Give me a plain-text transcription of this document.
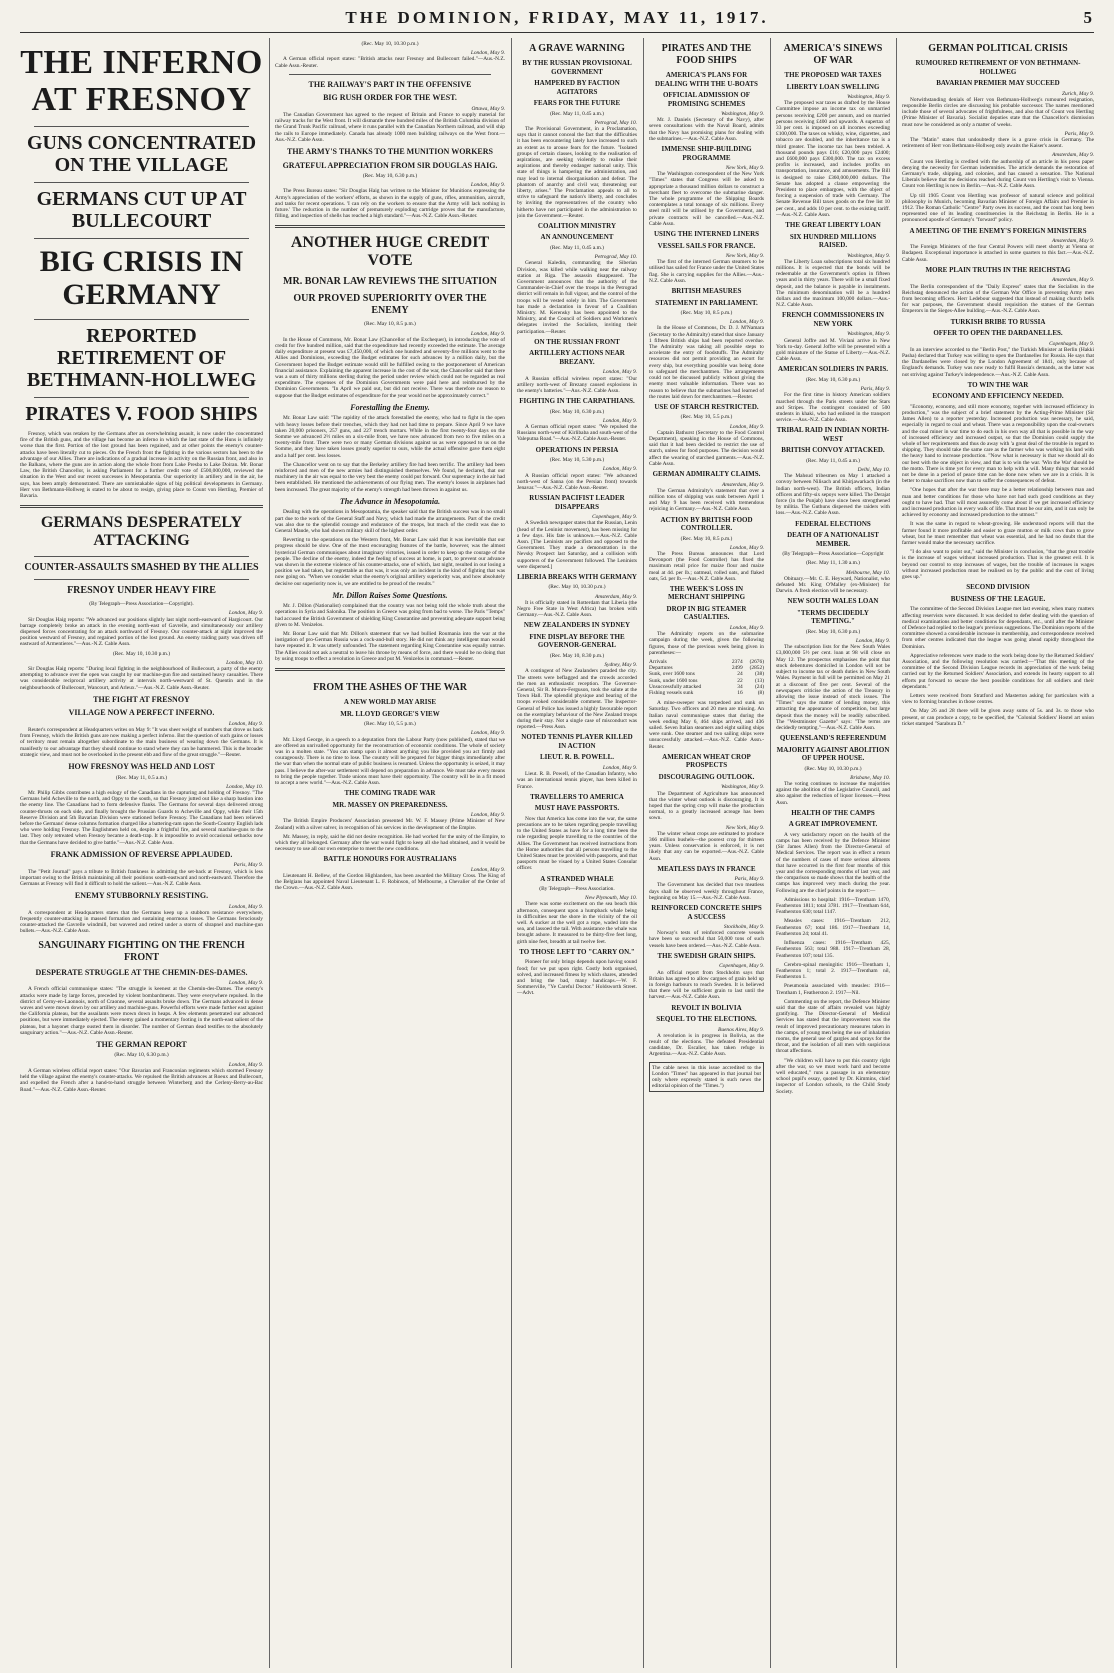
THE DOMINION, FRIDAY, MAY 11, 1917.	5
THE INFERNO AT FRESNOY
GUNS CONCENTRATED ON THE VILLAGE
GERMANS CUT UP AT BULLECOURT
BIG CRISIS IN GERMANY
REPORTED RETIREMENT OF BETHMANN-HOLLWEG
PIRATES V. FOOD SHIPS

Fresnoy, which was retaken by the Germans after an overwhelming assault, is now under the concentrated fire of the British guns, and the village has become an inferno in which the last state of the Huns is infinitely worse than the first. Portion of the lost ground has been regained, and at other points the enemy's counter-attacks have been literally cut to pieces. On the French front the fighting in the various sectors has been to the advantage of our Allies. There are indications of a gradual increase in activity on the Russian front, and also in the Balkans, where the guns are in action along the whole front from Lake Presba to Lake Doiran. Mr. Bonar Law, the British Chancellor, is asking Parliament for a further credit vote of £500,000,000, reviewed the situation in the West and our recent successes in Mesopotamia. Our superiority in artillery and in the air, he says, has been amply demonstrated. There are unmistakable signs of big political developments in Germany. Herr von Bethmann-Hollweg is stated to be about to resign, giving place to Count von Hertling, Premier of Bavaria.

GERMANS DESPERATELY ATTACKING
COUNTER-ASSAULTS SMASHED BY THE ALLIES
FRESNOY UNDER HEAVY FIRE
(By Telegraph—Press Association—Copyright).
London, May 9.

Sir Douglas Haig reports: "We advanced our positions slightly last night north-eastward of Hargicourt. Our barrage completely broke an attack in the evening north-east of Gavrelle, and simultaneously our artillery dispersed forces concentrating for an attack northward of Fresnoy. Our counter-attack at night improved the position westward of Fresnoy, and regained portion of the lost ground. An enemy raiding party was driven off eastward of Armentieres."—Aus.-N.Z. Cable Assn.

(Rec. May 10, 10.30 p.m.)
London, May 10.

Sir Douglas Haig reports: "During local fighting in the neighbourhood of Bullecourt, a party of the enemy attempting to advance over the open was caught by our machine-gun fire and sustained heavy casualties. There was considerable reciprocal artillery activity at intervals north-westward of St. Quentin and in the neighbourhoods of Bullecourt, Wancourt, and Arleux."—Aus.-N.Z. Cable Assn.-Reuter.

THE FIGHT AT FRESNOY
VILLAGE NOW A PERFECT INFERNO.
London, May 9.

Reuter's correspondent at Headquarters writes on May 9: "It was sheer weight of numbers that drove us back from Fresnoy, which the British guns are now making a perfect inferno. But the question of such gains or losses of territory must remain altogether subordinate to the main business of wearing down the Germans. It is manifestly to our advantage that they should continue to stand where they can be hammered. This is the broader strategic view, and must not be overlooked in the present ebb and flow of the great struggle."—Reuter.

HOW FRESNOY WAS HELD AND LOST
(Rec. May 11, 0.5 a.m.)
London, May 10.

Mr. Philip Gibbs contributes a high eulogy of the Canadians in the capturing and holding of Fresnoy. "The Germans held Acheville to the north, and Oppy to the south, so that Fresnoy jutted out like a sharp bastion into the enemy line. The Canadians had to form defensive flanks. The Germans for several days delivered strong counter-thrusts on each side, and finally brought the Prussian Guards to Acheville and Oppy, while their 15th Reserve Division and 5th Bavarian Division were stationed before Fresnoy. The Canadians had been relieved before the Germans' dense columns formation charged like a battering-ram upon the South-Country English lads who were holding Fresnoy. The Englishmen held on, despite a frightful fire, and several machine-guns to the last. They only retreated when Fresnoy became a death-trap. It is impossible to avoid occasional setbacks now that the Germans have decided to give battle."—Aus.-N.Z. Cable Assn.

FRANK ADMISSION OF REVERSE APPLAUDED.
Paris, May 9.

The "Petit Journal" pays a tribute to British frankness in admitting the set-back at Fresnoy, which is less important owing to the British maintaining all their positions south-eastward and north-eastward. Therefore the Germans at Fresnoy will find it difficult to hold the salient.—Aus.-N.Z. Cable Assn.

ENEMY STUBBORNLY RESISTING.
London, May 9.

A correspondent at Headquarters states that the Germans keep up a stubborn resistance everywhere, frequently counter-attacking in massed formation and sustaining enormous losses. The Germans ferociously counter-attacked the Gavrelle windmill, but wavered and retired under a storm of shrapnel and machine-gun bullets.—Aus.-N.Z. Cable Assn.

SANGUINARY FIGHTING ON THE FRENCH FRONT
DESPERATE STRUGGLE AT THE CHEMIN-DES-DAMES.
London, May 9.

A French official communique states: "The struggle is keenest at the Chemin-des-Dames. The enemy's attacks were made by large forces, preceded by violent bombardments. They were everywhere repulsed. In the district of Cerny-en-Laonnois, north of Craonne, several assaults broke down. The Germans advanced in dense waves and were mown down by our artillery and machine-guns. Powerful efforts were made further east against the California plateau, but the assailants were mown down in heaps. A few elements penetrated our advanced positions, but were immediately ejected. The enemy gained a momentary footing in the north-east salient of the plateau, but a bayonet charge ousted them in disorder. The number of German dead testifies to the absolutely sanguinary action."—Aus.-N.Z. Cable Assn.-Reuter.

THE GERMAN REPORT
(Rec. May 10, 6.30 p.m.)
London, May 9.

A German wireless official report states: "Our Bavarian and Franconian regiments which stormed Fresnoy held the village against the enemy's counter-attacks. We repulsed the British advances at Roeux and Bullecourt, and expelled the French after a hand-to-hand struggle between Winterberg and the Cerleny-Berry-au-Bac Road."—Aus.-N.Z. Cable Assn.-Reuter.

(Rec. May 10, 10.30 p.m.)
London, May 9.

A German official report states: "British attacks near Fresnoy and Bullecourt failed."—Aus.-N.Z. Cable Assn.-Reuter.

THE RAILWAY'S PART IN THE OFFENSIVE
BIG RUSH ORDER FOR THE WEST.
Ottawa, May 9.

The Canadian Government has agreed to the request of Britain and France to supply material for railway tracks for the West front. It will dismantle three hundred miles of the British Columbia division of the Grand Trunk Pacific railroad, where it runs parallel with the Canadian Northern railroad, and will ship the rails to Europe immediately. Canada has already 1000 men building railways on the West front.—Aus.-N.Z. Cable Assn.

THE ARMY'S THANKS TO THE MUNITION WORKERS
GRATEFUL APPRECIATION FROM SIR DOUGLAS HAIG.
(Rec. May 10, 6.30 p.m.)
London, May 9.

The Press Bureau states: "Sir Douglas Haig has written to the Minister for Munitions expressing the Army's appreciation of the workers' efforts, as shown in the supply of guns, rifles, ammunition, aircraft, and tanks for recent operations. 'I can rely on the workers to ensure that the Army will lack nothing in future.' The reduction in the number of prematurely exploding cartridge proves that the manufacture, filling, and inspection of shells has reached a high standard."—Aus.-N.Z. Cable Assn.-Reuter.

ANOTHER HUGE CREDIT VOTE
MR. BONAR LAW REVIEWS THE SITUATION
OUR PROVED SUPERIORITY OVER THE ENEMY
(Rec. May 10, 8.5 p.m.)
London, May 9.

In the House of Commons, Mr. Bonar Law (Chancellor of the Exchequer), in introducing the vote of credit for five hundred million, said that the expenditure had recently exceeded the estimate. The average daily expenditure at present was £7,450,000, of which one hundred and seventy-five millions went to the Allies and Dominions, exceeding the Budget estimates for such advances by a million daily, but the Government hoped the Budget estimate would still be fulfilled owing to the postponement of American financial assistance. Explaining the apparent increase in the cost of the war, the Chancellor said that there was a sum of thirty millions sterling during the period under review which could not be regarded as real expenditure. The expenses of the Dominion Governments were paid here and reimbursed by the Dominion Governments. "In April we paid out, but did not receive. There was therefore no reason to suppose that the Budget estimates of expenditure for the year would not be approximately correct."

Forestalling the Enemy.

Mr. Bonar Law said: "The rapidity of the attack forestalled the enemy, who had to fight in the open with heavy losses before their trenches, which they had not had time to prepare. Since April 9 we have taken 20,000 prisoners, 257 guns, and 227 trench mortars. While in the first twenty-four days on the Somme we advanced 2½ miles on a six-mile front, we have now advanced from two to five miles on a twenty-mile front. There were two or many German divisions against us as were opposed to us on the Somme, and they have taken losses greatly superior to ours, while the actual offensive gave them eight and a half per cent. less losses.

The Chancellor went on to say that the Berkeley artillery fire had been terrific. The artillery had been reinforced and men of the new armies had distinguished themselves. We found, he declared, that our machinery in the air was equal to the very best the enemy could put forward. Our supremacy in the air had been established. He mentioned the achievements of our flying men. The enemy's losses in airplanes had been increased. The great majority of the enemy's strength had been thrown in against us.

The Advance in Mesopotamia.

Dealing with the operations in Mesopotamia, the speaker said that the British success was in no small part due to the work of the General Staff and Navy, which had made the arrangements. Part of the credit was also due to the splendid courage and endurance of the troops, but much of the credit was due to General Maude, who had shown military skill of the highest order.

Reverting to the operations on the Western front, Mr. Bonar Law said that it was inevitable that our progress should be slow. One of the most encouraging features of the battle, however, was the almost hysterical German communiques about imaginary victories, issued in order to keep up the courage of the people. The decline of the enemy, indeed the feeling of success at home, is part, to prevent our advance was shown in the extreme violence of his counter-attacks, one of which, last night, resulted in our losing a position we had taken, but regrettable as that was, it was only an incident in the kind of fighting that was now going on. "When we consider what the enemy's original artillery superiority was, and how absolutely decisive our superiority now is, we are entitled to be proud of the results."

Mr. Dillon Raises Some Questions.

Mr. J. Dillon (Nationalist) complained that the country was not being told the whole truth about the operations in Syria and Salonika. The position in Greece was going from bad to worse. The Paris "Temps" had accused the British Government of shielding King Constantine and preventing adequate support being given to M. Venizelos.

Mr. Bonar Law said that Mr. Dillon's statement that we had bullied Roumania into the war at the instigation of pro-German Russia was a cock-and-bull story. He did not think any intelligent man would have repeated it. It was utterly unfounded. The statement regarding King Constantine was equally untrue. The Allies could not ask a neutral to leave his throne by means of force, and there would be no doing that by using troops to effect a revolution in Greece and put M. Venizelos in command.—Reuter.

FROM THE ASHES OF THE WAR
A NEW WORLD MAY ARISE
MR. LLOYD GEORGE'S VIEW
(Rec. May 10, 5.5 p.m.)
London, May 9.

Mr. Lloyd George, in a speech to a deputation from the Labour Party (now published), stated that we are offered an unrivalled opportunity for the reconstruction of economic conditions. The whole of society was in a molten state. "You can stamp upon it almost anything you like provided you act firmly and courageously. There is no time to lose. The country will be prepared for bigger things immediately after the war than when the normal state of public business is resumed. Unless the opportunity is seized, it may pass. I believe the after-war settlement will depend on preparation in advance. We must take every means to bring the people together. Trade unions must have their opportunity. The country will be in a fit mood to accept a new world."—Aus.-N.Z. Cable Assn.

THE COMING TRADE WAR
MR. MASSEY ON PREPAREDNESS.
London, May 9.

The British Empire Producers' Association presented Mr. W. F. Massey (Prime Minister of New Zealand) with a silver salver, in recognition of his services in the development of the Empire.

Mr. Massey, in reply, said he did not desire recognition. He had worked for the unity of the Empire, to which they all belonged. Germany after the war would fight to keep all she had obtained, and it would be necessary to use all our own enterprise to meet the new conditions.

BATTLE HONOURS FOR AUSTRALIANS
London, May 9.

Lieutenant H. Bellew, of the Gordon Highlanders, has been awarded the Military Cross. The King of the Belgians has appointed Naval Lieutenant L. F. Robinson, of Melbourne, a Chevalier of the Order of the Crown.—Aus.-N.Z. Cable Assn.

A GRAVE WARNING
BY THE RUSSIAN PROVISIONAL GOVERNMENT
HAMPERED BY FACTION AGITATORS
FEARS FOR THE FUTURE
(Rec. May 11, 0.45 a.m.)
Petrograd, May 10.

The Provisional Government, in a Proclamation, says that it cannot conceal the fact that the difficulties it has been encountering lately have increased to such an extent as to arouse fears for the future. "Isolated groups of certain classes, looking to the realisation of aspirations, are seeking violently to realise their aspirations and thereby endanger national unity. This state of things is hampering the administration, and may lead to internal disorganisation and defeat. The phantom of anarchy and civil war, threatening our liberty, arises." The Proclamation appeals to all to strive to safeguard the nation's liberty, and concludes by inviting the representatives of the country who hitherto have not participated in the administration to join the Government.—Reuter.

COALITION MINISTRY
AN ANNOUNCEMENT
(Rec. May 11, 0.45 a.m.)
Petrograd, May 10.

General Kaledin, commanding the Siberian Division, was killed while walking near the railway station at Riga. The assassin disappeared. The Government announces that the authority of the Commander-in-Chief over the troops in the Petrograd district will remain in full vigour, and the control of the troops will be vested solely in him. The Government has made a declaration in favour of a Coalition Ministry. M. Kerensky has been appointed to the Ministry, and the Council of Soldiers and Workmen's delegates invited the Socialists, inviting their participation.—Reuter.

ON THE RUSSIAN FRONT
ARTILLERY ACTIONS NEAR BREZANY.
London, May 9.

A Russian official wireless report states: "Our artillery north-west of Brezany caused explosions in the enemy's batteries."—Aus.-N.Z. Cable Assn.

FIGHTING IN THE CARPATHIANS.
(Rec. May 10, 6.30 p.m.)
London, May 9.

A German official report states: "We repulsed the Russians north-west of Kirlibaba and south-west of the Valeputna Road."—Aus.-N.Z. Cable Assn.-Reuter.

OPERATIONS IN PERSIA
(Rec. May 10, 5.30 p.m.)
London, May 9.

A Russian official report states: "We advanced north-west of Sanna (on the Persian front) towards Jenavar."—Aus.-N.Z. Cable Assn.-Reuter.

RUSSIAN PACIFIST LEADER DISAPPEARS
Copenhagen, May 9.

A Swedish newspaper states that the Russian, Lenin (head of the Leninist movement), has been missing for a few days. His fate is unknown.—Aus.-N.Z. Cable Assn. [The Leninists are pacifists and opposed to the Government. They made a demonstration in the Nevsky Prospect last Saturday, and a collision with supporters of the Government followed. The Leninists were dispersed.]

LIBERIA BREAKS WITH GERMANY
(Rec. May 10, 10.30 p.m.)
Amsterdam, May 9.

It is officially stated in Rotterdam that Liberia (the Negro Free State in West Africa) has broken with Germany.—Aus.-N.Z. Cable Assn.

NEW ZEALANDERS IN SYDNEY
FINE DISPLAY BEFORE THE GOVERNOR-GENERAL
(Rec. May 10, 8.30 p.m.)
Sydney, May 9.

A contingent of New Zealanders paraded the city. The streets were beflagged and the crowds accorded the men an enthusiastic reception. The Governor-General, Sir R. Munro-Ferguson, took the salute at the Town Hall. The splendid physique and bearing of the troops evoked considerable comment. The Inspector-General of Police has issued a highly favourable report on the exemplary behaviour of the New Zealand troops during their stay. Not a single case of misconduct was reported.—Press Assn.

NOTED TENNIS PLAYER KILLED IN ACTION
LIEUT. R. B. POWELL.
London, May 9.

Lieut. R. B. Powell, of the Canadian Infantry, who was an international tennis player, has been killed in France.

TRAVELLERS TO AMERICA
MUST HAVE PASSPORTS.

Now that America has come into the war, the same precautions are to be taken regarding people travelling to the United States as have for a long time been the rule regarding people travelling to the countries of the Allies. The Government has received instructions from the Home authorities that all persons travelling to the United States must be provided with passports, and that passports must be visaed by a United States Consular officer.

A STRANDED WHALE
(By Telegraph—Press Association.
New Plymouth, May 10.

There was some excitement on the sea beach this afternoon, consequent upon a humpback whale being in difficulties near the shore in the vicinity of the oil well. A sucker at the well got a rope, waded into the sea, and lassoed the tail. With assistance the whale was brought ashore. It measured to be thirty-five feet long, girth nine feet, breadth at tail twelve feet.

TO THOSE LEFT TO "CARRY ON."

Pioneer for only brings depends upon having sound food; for we put upon right. Costly both organised, solved, and increased fitness by which shares, attended and bring the bad, many handicaps.—W. F. Sommerville, "Ye Careful Doctor." Holdsworth Street.—Advt.

PIRATES AND THE FOOD SHIPS
AMERICA'S PLANS FOR DEALING WITH THE U-BOATS
OFFICIAL ADMISSION OF PROMISING SCHEMES
Washington, May 9.

Mr. J. Daniels (Secretary of the Navy), after seven consultations with the Naval Board, admits that the Navy has promising plans for dealing with the submarines.—Aus.-N.Z. Cable Assn.

IMMENSE SHIP-BUILDING PROGRAMME
New York, May 9.

The Washington correspondent of the New York "Times" states that Congress will be asked to appropriate a thousand million dollars to construct a merchant fleet to overcome the submarine danger. The whole programme of the Shipping Boards contemplates a total tonnage of six millions. Every steel mill will be utilised by the Government, and private contracts will be cancelled.—Aus.-N.Z. Cable Assn.

USING THE INTERNED LINERS
VESSEL SAILS FOR FRANCE.
New York, May 9.

The first of the interned German steamers to be utilised has sailed for France under the United States flag. She is carrying supplies for the Allies.—Aus.-N.Z. Cable Assn.

BRITISH MEASURES
STATEMENT IN PARLIAMENT.
(Rec. May 10, 8.5 p.m.)
London, May 9.

In the House of Commons, Dr. D. J. M'Namara (Secretary to the Admiralty) stated that since January 1 fifteen British ships had been reported overdue. The Admiralty was taking all possible steps to accelerate the entry of foodstuffs. The Admiralty resources did not permit providing an escort for every ship, but everything possible was being done to safeguard the merchantmen. The arrangements could not be discussed publicly without giving the enemy most valuable information. There was no reason to believe that the submarines had learned of the routes laid down for merchantmen.—Reuter.

USE OF STARCH RESTRICTED.
(Rec. May 10, 5.5 p.m.)
London, May 9.

Captain Bathurst (Secretary to the Food Control Department), speaking in the House of Commons, said that it had been decided to restrict the use of starch, unless for food purposes. The decision would affect the wearing of starched garments.—Aus.-N.Z. Cable Assn.

GERMAN ADMIRALTY CLAIMS.
Amsterdam, May 9.

The German Admiralty's statement that over a million tons of shipping was sunk between April 1 and May 9 has been received with tremendous rejoicing in Germany.—Aus.-N.Z. Cable Assn.

ACTION BY BRITISH FOOD CONTROLLER.
(Rec. May 10, 8.5 p.m.)
London, May 9.

The Press Bureau announces that Lord Devonport (the Food Controller) has fixed the maximum retail price for maize flour and maize meal at 4d. per lb.; oatmeal, rolled oats, and flaked oats, 5d. per lb.—Aus.-N.Z. Cable Assn.

THE WEEK'S LOSS IN MERCHANT SHIPPING
DROP IN BIG STEAMER CASUALTIES.
London, May 9.

The Admiralty reports on the submarine campaign during the week, given the following figures, those of the previous week being given in parentheses:—

Arrivals	2374	(2676)
Departures	2499	(2852)
Sunk, over 1600 tons	24	(38)
Sunk, under 1600 tons	22	(13)
Unsuccessfully attacked	34	(24)
Fishing vessels sunk	16	(8)

A mine-sweeper was torpedoed and sunk on Saturday. Two officers and 20 men are missing. An Italian naval communique states that during the week ending May 6, 464 ships arrived, and 436 sailed. Seven Italian steamers and eight sailing ships were sunk. One steamer and two sailing ships were unsuccessfully attacked.—Aus.-N.Z. Cable Assn.-Reuter.

AMERICAN WHEAT CROP PROSPECTS
DISCOURAGING OUTLOOK.
Washington, May 9.

The Department of Agriculture has announced that the winter wheat outlook is discouraging. It is hoped that the spring crop will make the production normal, to a greatly increased acreage has been sown.

New York, May 9.

The winter wheat crops are estimated to produce 366 million bushels—the poorest crop for thirteen years. Unless conservation is enforced, it is not likely that any can be exported.—Aus.-N.Z. Cable Assn.

MEATLESS DAYS IN FRANCE
Paris, May 9.

The Government has decided that two meatless days shall be observed weekly throughout France, beginning on May 15.—Aus.-N.Z. Cable Assn.

REINFORCED CONCRETE SHIPS A SUCCESS
Stockholm, May 9.

Norway's tests of reinforced concrete vessels have been so successful that 50,000 tons of such vessels have been ordered.—Aus.-N.Z. Cable Assn.

THE SWEDISH GRAIN SHIPS.
Copenhagen, May 9.

An official report from Stockholm says that Britain has agreed to allow cargoes of grain held up in foreign harbours to reach Sweden. It is believed that there will be sufficient grain to last until the harvest.—Aus.-N.Z. Cable Assn.

REVOLT IN BOLIVIA
SEQUEL TO THE ELECTIONS.
Buenos Aires, May 9.

A revolution is in progress in Bolivia, as the result of the elections. The defeated Presidential candidate, Dr. Escalier, has taken refuge in Argentina.—Aus.-N.Z. Cable Assn.

The cable news in this issue accredited to the London "Times" has appeared in that journal but only where expressly stated is such news the editorial opinion of the "Times.")

AMERICA'S SINEWS OF WAR
THE PROPOSED WAR TAXES
LIBERTY LOAN SWELLING
Washington, May 9.

The proposed war taxes as drafted by the House Committee impose an income tax on unmarried persons receiving £200 per annum, and on married persons receiving £400 and upwards. A supertax of 33 per cent. is imposed on all incomes exceeding £100,000. The taxes on whisky, wine, cigarettes, and tobacco are doubled, and the inheritance tax is a third greater. The income tax has been trebled. A thousand pounds pays £16; £20,000 pays £2400; and £600,000 pays £300,000. The tax on excess profits is increased, and includes profits on transportation, insurance, and amusements. The Bill is designed to raise £360,000,000 dollars. The Senate has adopted a clause empowering the President to place embargoes, with the object of forcing a suspension of trade with Germany. The Senate Revenue Bill taxes goods on the free list 10 per cent., and adds 10 per cent. to the existing tariff.—Aus.-N.Z. Cable Assn.

THE GREAT LIBERTY LOAN
SIX HUNDRED MILLIONS RAISED.
Washington, May 9.

The Liberty Loan subscriptions total six hundred millions. It is expected that the bonds will be redeemable at the Government's option in fifteen years and in thirty years. There will be a small fixed deposit, and the balance is payable in instalments. The minimum denomination will be a hundred dollars and the maximum 100,000 dollars.—Aus.-N.Z. Cable Assn.

FRENCH COMMISSIONERS IN NEW YORK
Washington, May 9.

General Joffre and M. Viviani arrive in New York to-day. General Joffre will be presented with a gold miniature of the Statue of Liberty.—Aus.-N.Z. Cable Assn.

AMERICAN SOLDIERS IN PARIS.
(Rec. May 10, 6.30 p.m.)
Paris, May 9.

For the first time in history American soldiers marched through the Paris streets under the Stars and Stripes. The contingent consisted of 500 students in khaki, who had enlisted in the transport service.—Aus.-N.Z. Cable Assn.

TRIBAL RAID IN INDIAN NORTH-WEST
BRITISH CONVOY ATTACKED.
(Rec. May 11, 0.45 a.m.)
Delhi, May 10.

The Mahsud tribesmen on May 1 attacked a convoy between Nilisach and Khirjawarkach (in the Indian north-west). The British officers, Indian officers and fifty-six sepoys were killed. The Derajat force (in the Punjab) have since been strengthened by militia. The Guthuns dispersed the raiders with loss.—Aus.-N.Z. Cable Assn.

FEDERAL ELECTIONS
DEATH OF A NATIONALIST MEMBER.
(By Telegraph—Press Association—Copyright
(Rec. May 11, 1.30 a.m.)
Melbourne, May 10.

Obituary.—Mr. C. E. Heyward, Nationalist, who defeated Mr. King O'Malley (ex-Minister) for Darwin. A fresh election will be necessary.

NEW SOUTH WALES LOAN
"TERMS DECIDEDLY TEMPTING."
(Rec. May 10, 6.30 p.m.)
London, May 9.

The subscription lists for the New South Wales £3,000,000 5½ per cent. loan at 98 will close on May 12. The prospectus emphasises the point that stock debentures domiciled in London will not be subject to income tax or death duties in New South Wales. Payment in full will be permitted on May 21 at a discount of five per cent. Several of the newspapers criticise the action of the Treasury in allowing the issue instead of stock issues. The "Times" says the matter of lending money, this attracting the appearance of competition, but large deposit thus the money will be readily subscribed. The "Westminster Gazette" says: "The terms are decidedly tempting."—Aus.-N.Z. Cable Assn.

QUEENSLAND'S REFERENDUM
MAJORITY AGAINST ABOLITION OF UPPER HOUSE.
(Rec. May 10, 10.30 p.m.)
Brisbane, May 10.

The voting continues to increase the majorities against the abolition of the Legislative Council, and also against the reduction of liquor licenses.—Press Assn.

HEALTH OF THE CAMPS
A GREAT IMPROVEMENT.

A very satisfactory report on the health of the camps has been received by the Defence Minister (Sir James Allen) from the Director-General of Medical Services. The report was in effect a return of the numbers of cases of more serious ailments that have occurred in the first four months of this year and the corresponding months of last year, and the comparison so made shows that the health of the camps has improved very much during the year. Following are the chief points in the report:—

Admissions to hospital: 1916—Trentham 1470, Featherston 1811; total 3781. 1917—Trentham 644, Featherston 630; total 1147.

Measles cases: 1916—Trentham 212, Featherston 67; total 186. 1917—Trentham 14, Featherston 24; total 41.

Influenza cases: 1916—Trentham 425, Featherston 563; total 988. 1917—Trentham 28, Featherston 107; total 135.

Cerebro-spinal meningitis: 1916—Trentham 1, Featherston 1; total 2. 1917—Trentham nil, Featherston 1.

Pneumonia associated with measles: 1916—Trentham 1, Featherston 2. 1917—Nil.

Commenting on the report, the Defence Minister said that the state of affairs revealed was highly gratifying. The Director-General of Medical Services has stated that the improvement was the result of improved precautionary measures taken in the camps, of young men being the use of inhalation rooms, the general use of gargles and sprays for the throat, and the isolation of all men with suspicious throat affections.

"We children will have to put this country right after the war, so we must work hard and become well educated," runs a passage in an elementary school pupil's essay, quoted by Dr. Kimmins, chief inspector of London schools, to the Child Study Society.

GERMAN POLITICAL CRISIS
RUMOURED RETIREMENT OF VON BETHMANN-HOLLWEG
BAVARIAN PREMIER MAY SUCCEED
Zurich, May 9.

Notwithstanding denials of Herr von Bethmann-Hollweg's rumoured resignation, responsible Berlin circles are discussing his probable successor. The names mentioned include those of several advocates of frightfulness, and also that of Count von Hertling (Prime Minister of Bavaria). Socialist deputies state that the Chancellor's dismission must now be considered as only a matter of weeks.

Paris, May 9.

The "Matin" states that undoubtedly there is a grave crisis in Germany. The retirement of Herr von Bethmann-Hollweg only awaits the Kaiser's assent.

Amsterdam, May 9.

Count von Hertling is credited with the authorship of an article in his press paper denying the necessity for German indemnities. The article demands the restoration of Germany's trade, shipping, and colonies, and has caused a sensation. The National Liberals believe that the decisions reached during Count von Hertling's visit to Vienna. Count von Hertling is now in Berlin.—Aus.-N.Z. Cable Assn.

Up till 1905 Count von Hertling was professor of natural science and political philosophy in Munich, becoming Bavarian Minister of Foreign Affairs and Premier in 1912. The Roman Catholic "Centre" Party owes its success, and the count has long been represented one of its leading constituencies in the Reichstag in Berlin. He is a pronounced apostle of Germany's "forward" policy.

A MEETING OF THE ENEMY'S FOREIGN MINISTERS
Amsterdam, May 9.

The Foreign Ministers of the four Central Powers will meet shortly at Vienna or Budapest. Exceptional importance is attached in some quarters to this fact.—Aus.-N.Z. Cable Assn.

MORE PLAIN TRUTHS IN THE REICHSTAG
Amsterdam, May 9.

The Berlin correspondent of the "Daily Express" states that the Socialists in the Reichstag denounced the action of the German War Office in preventing Army men from becoming officers. Herr Ledebour suggested that instead of making church bells for war purposes, the Government should requisition the statues of the German Emperors in the Sieges-Allee building.—Aus.-N.Z. Cable Assn.

TURKISH BRIBE TO RUSSIA
OFFER TO OPEN THE DARDANELLES.
Copenhagen, May 9.

In an interview accorded to the "Berlin Post," the Turkish Minister at Berlin (Hakki Pasha) declared that Turkey was willing to open the Dardanelles for Russia. He says that the Dardanelles were closed by the London Agreement of 1841, only because of England's demands. Turkey was now ready to fulfil Russia's demands, as the latter was not striving against Turkey's independence.—Aus.-N.Z. Cable Assn.

TO WIN THE WAR
ECONOMY AND EFFICIENCY NEEDED.

"Economy, economy, and still more economy, together with increased efficiency in production," was the subject of a brief statement by the Acting-Prime Minister (Sir James Allen) to a reporter yesterday. Increased production was necessary, he said, especially in regard to coal and wheat. There was a responsibility upon the coal-owners and the coal miner in war time to do each in his own way all that is possible in the way of increased efficiency and increased output, so that the Dominion could supply the whole of her requirements and thus do away with 'a great deal of the trouble in regard to shipping. They should take the same care as the farmer who was working his land with the heavy hand to increase production. "Now what is necessary is that we should all do our best with the one object in view, and that is to win the war. 'Win the War' should be the motto. There is time yet for every man to help with a will. Many things that would not be done in a period of peace time can be done now when we are in a crisis. It is better to make sacrifices now than to suffer the consequences of defeat.

"One hopes that after the war there may be a better relationship between man and man and better conditions for those who have not had such good conditions as they ought to have had. That will most assuredly come about if we get increased efficiency and increased production in every walk of life. That must be our aim, and it can only be achieved by economy and increased production to the utmost."

It was the same in regard to wheat-growing. He understood reports will that the farmer found it more profitable and easier to graze mutton or milk cows than to grow wheat, but he must remember that wheat was essential, and he had no doubt that the farmer would make the necessary sacrifice.

"I do also want to point out," said the Minister in conclusion, "that the great trouble is the increase of wages without increased production. That is the greatest evil. It is beyond our control to stop increases of wages, but the trouble of increases in wages without increased production must be realised on by the public and the cost of living goes up."

SECOND DIVISION
BUSINESS OF THE LEAGUE.

The committee of the Second Division League met last evening, when many matters affecting reservists were discussed. It was decided to defer dealing with the question of medical examinations and better conditions for dependants, etc., until after the Minister of Defence had replied to the league's previous suggestions. The Dominion reports of the committee showed a considerable increase in membership, and correspondence received from other centres indicated that the league was going ahead rapidly throughout the Dominion.

Appreciative references were made to the work being done by the Returned Soldiers' Association, and the following resolution was carried:—"That this meeting of the committee of the Second Division League records its appreciation of the work being carried out by the Returned Soldiers' Association, and extends its hearty support to all efforts put forward to secure the best possible conditions for all soldiers and their dependants."

Letters were received from Stratford and Masterton asking for particulars with a view to forming branches in those centres.

On May 26 and 28 there will be given away sums of 5s. and 3s. to those who present, or can produce a copy, to be specified, the "Colonial Soldiers' Hostel art union ticket stamped "Sarabura D."
